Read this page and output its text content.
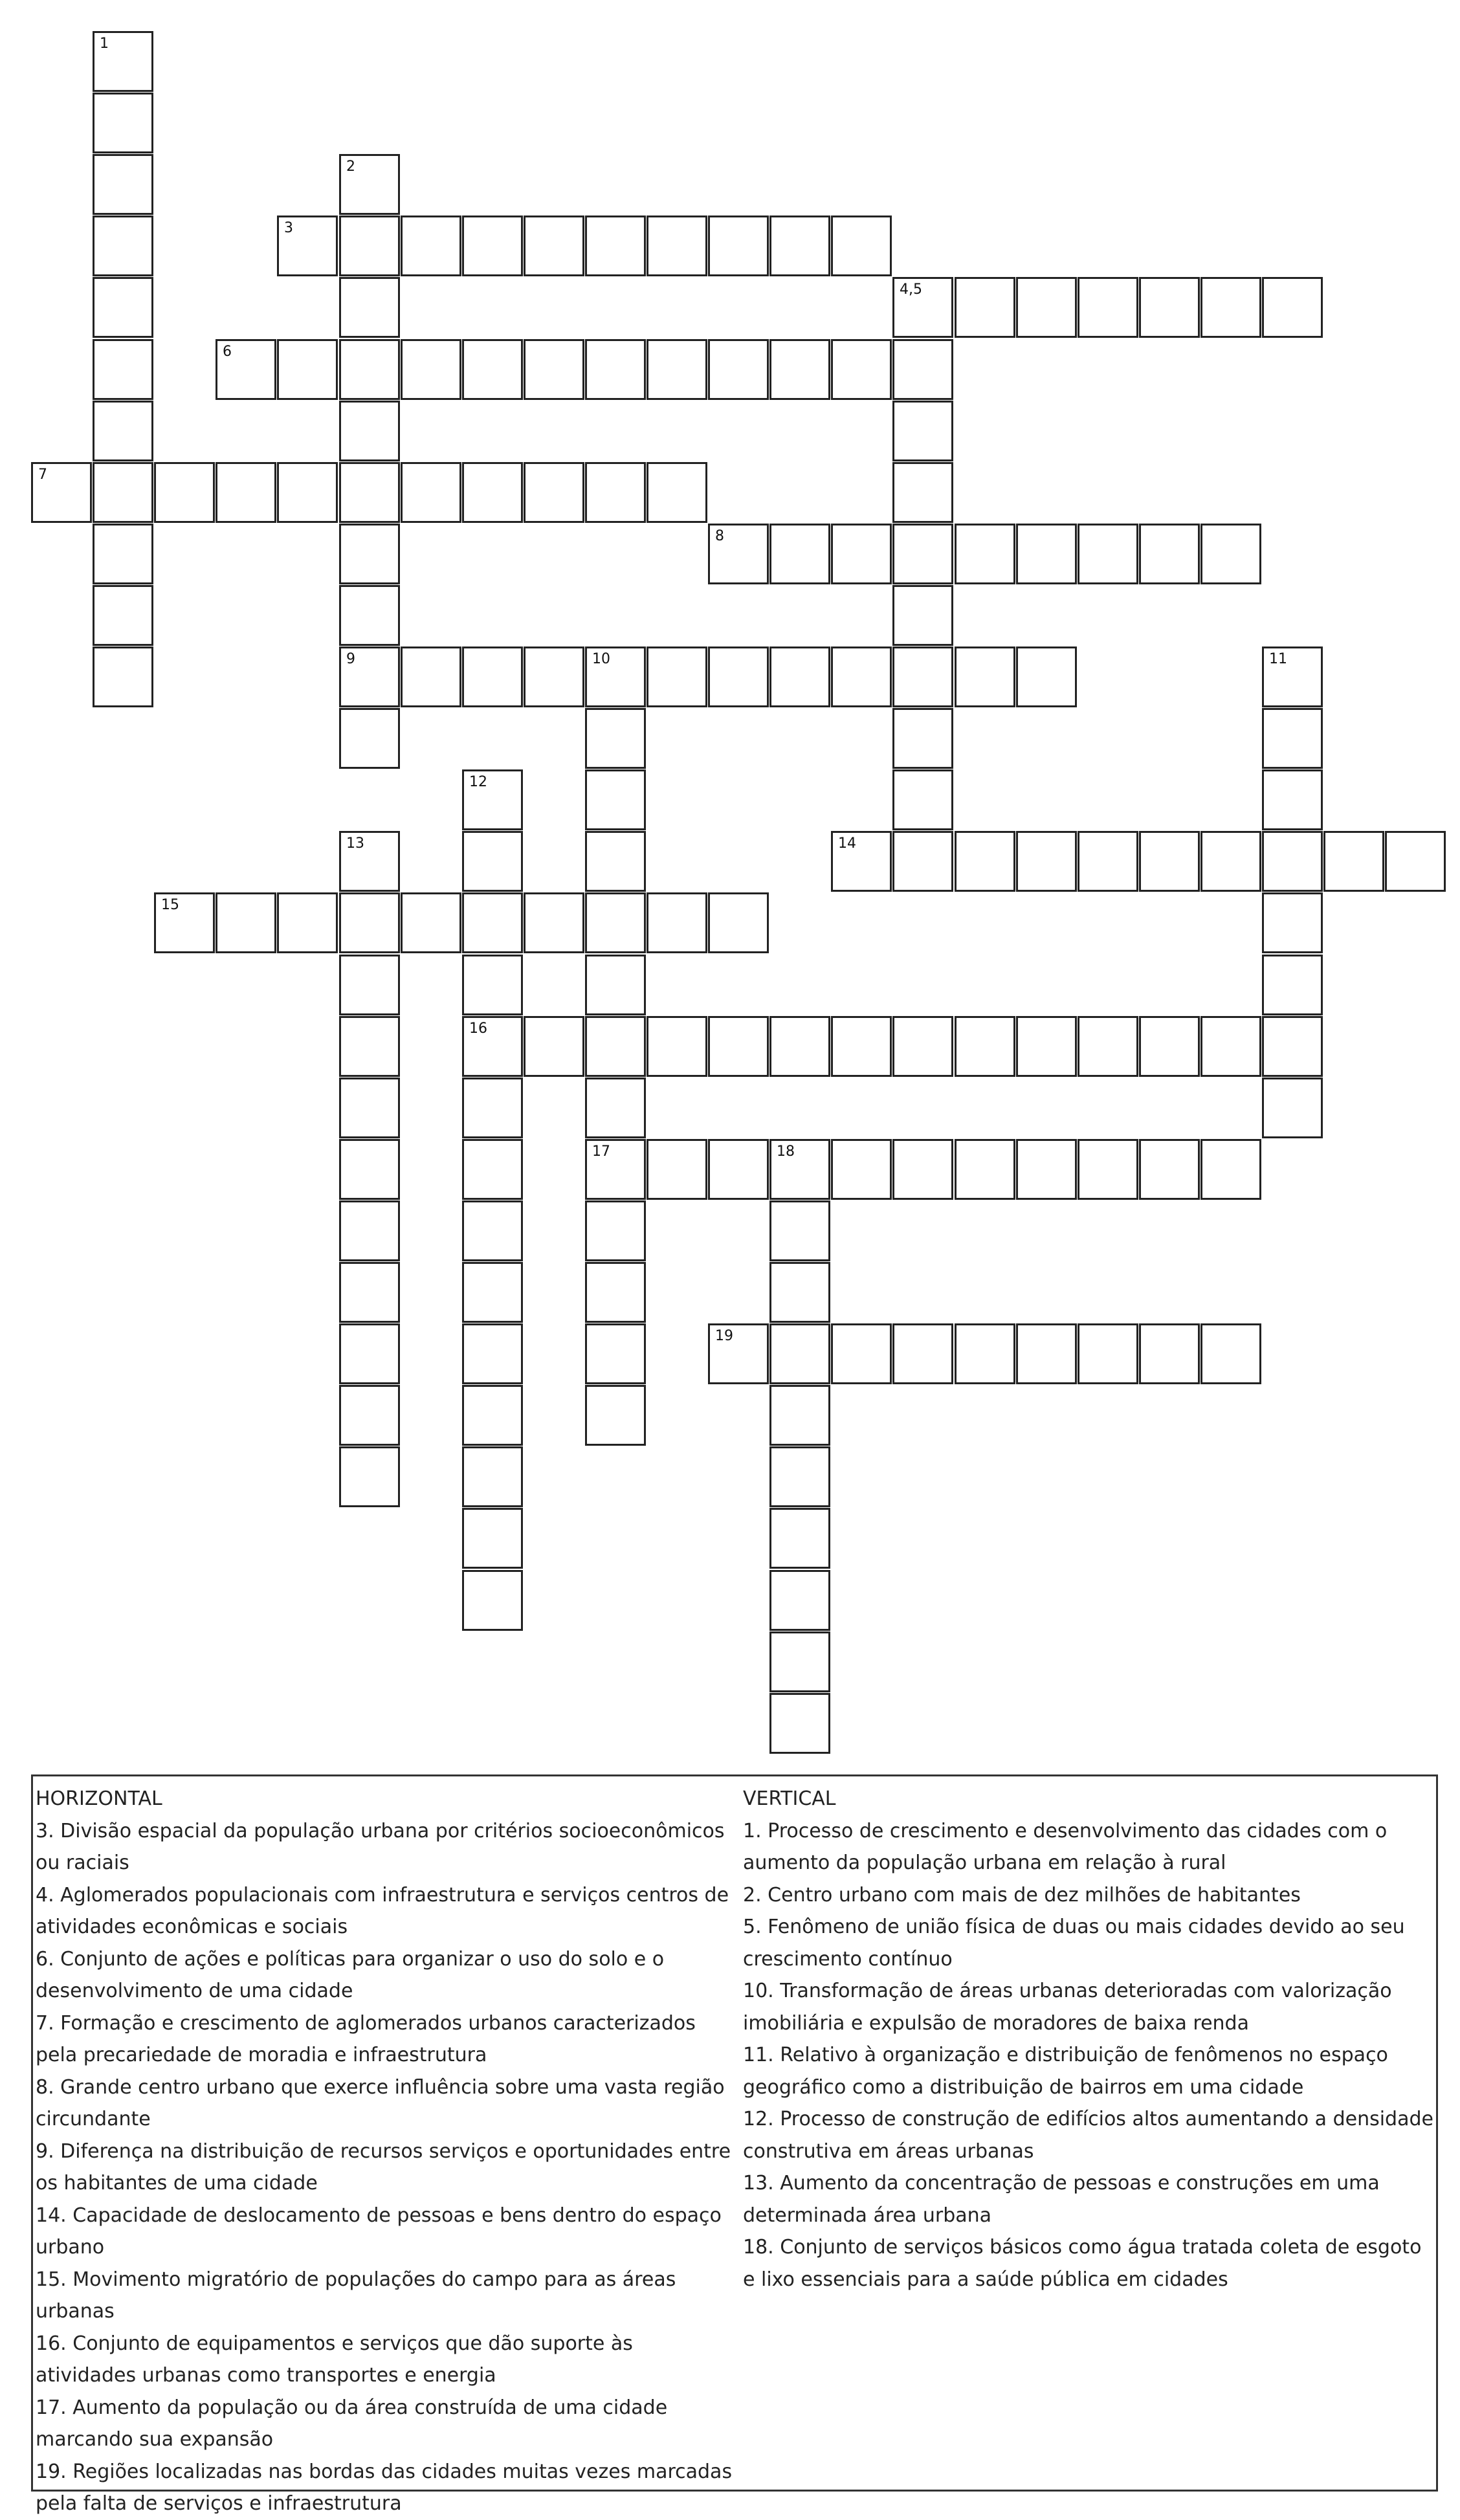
1
2
9
3
4,5
6
7
8
10
17
11
12
16
13	14
15
18
19
HORIZONTAL
3. Divisão espacial da população urbana por critérios socioeconômicos ou raciais
4. Aglomerados populacionais com infraestrutura e serviços centros de atividades econômicas e sociais
6. Conjunto de ações e políticas para organizar o uso do solo e o desenvolvimento de uma cidade
7. Formação e crescimento de aglomerados urbanos caracterizados pela precariedade de moradia e infraestrutura
8. Grande centro urbano que exerce influência sobre uma vasta região circundante
9. Diferença na distribuição de recursos serviços e oportunidades entre os habitantes de uma cidade
14. Capacidade de deslocamento de pessoas e bens dentro do espaço urbano
15. Movimento migratório de populações do campo para as áreas urbanas
16. Conjunto de equipamentos e serviços que dão suporte às atividades urbanas como transportes e energia
17. Aumento da população ou da área construída de uma cidade marcando sua expansão
19. Regiões localizadas nas bordas das cidades muitas vezes marcadas pela falta de serviços e infraestrutura
VERTICAL
1. Processo de crescimento e desenvolvimento das cidades com o aumento da população urbana em relação à rural
2. Centro urbano com mais de dez milhões de habitantes
5. Fenômeno de união física de duas ou mais cidades devido ao seu crescimento contínuo
10. Transformação de áreas urbanas deterioradas com valorização imobiliária e expulsão de moradores de baixa renda
11. Relativo à organização e distribuição de fenômenos no espaço geográfico como a distribuição de bairros em uma cidade
12. Processo de construção de edifícios altos aumentando a densidade construtiva em áreas urbanas
13. Aumento da concentração de pessoas e construções em uma determinada área urbana
18. Conjunto de serviços básicos como água tratada coleta de esgoto e lixo essenciais para a saúde pública em cidades
